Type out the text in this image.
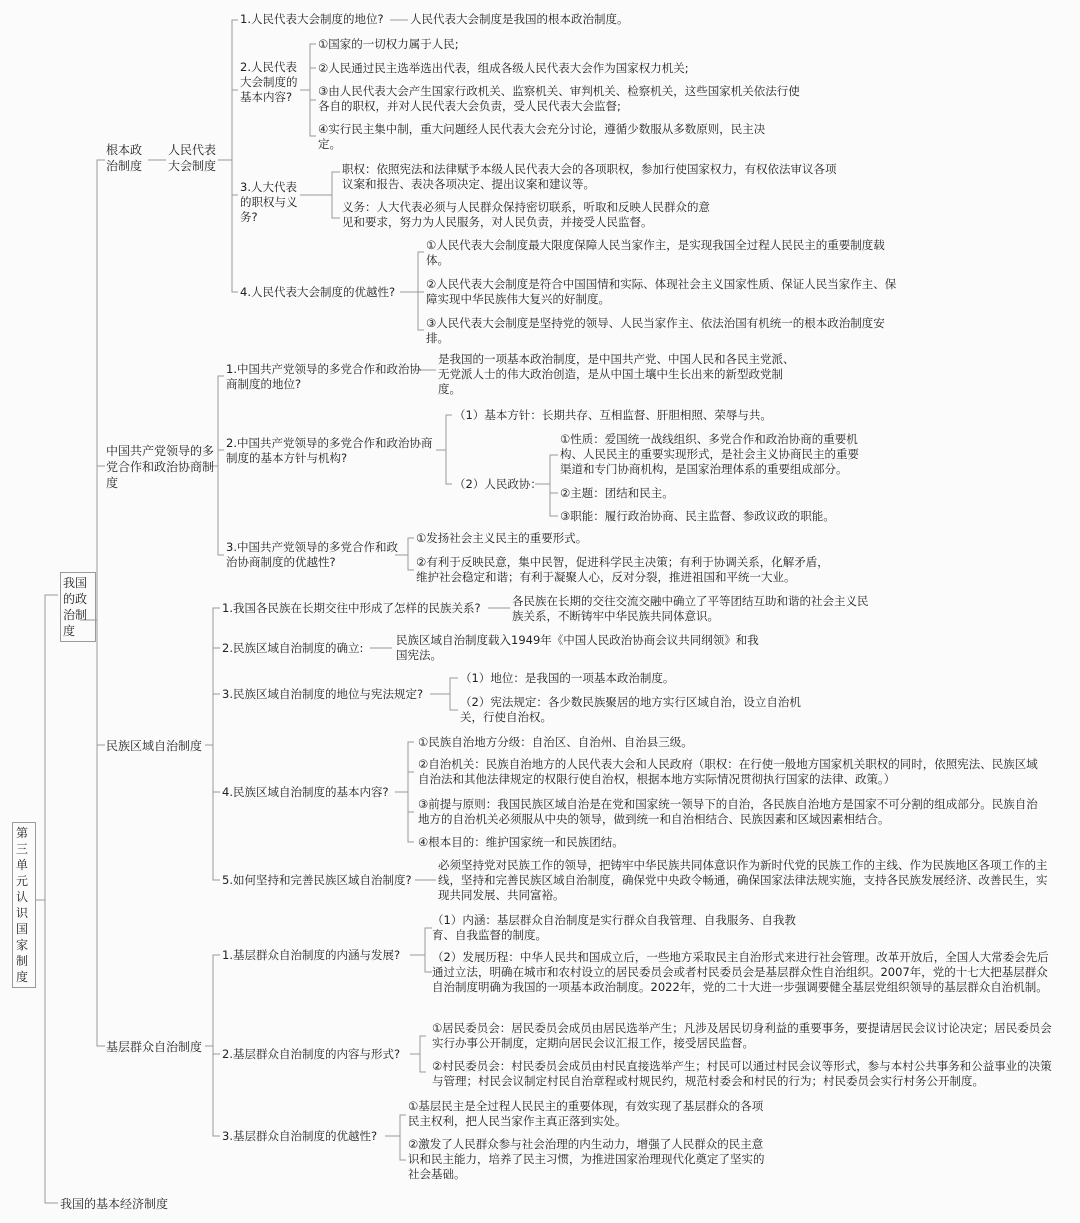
第三单元认识国家制度
我国的政治制度
我国的基本经济制度
根本政治制度
人民代表大会制度
1.人民代表大会制度的地位?	人民代表大会制度是我国的根本政治制度。
2.人民代表大会制度的基本内容?
①国家的一切权力属于人民;
②人民通过民主选举选出代表，组成各级人民代表大会作为国家权力机关;
③由人民代表大会产生国家行政机关、监察机关、审判机关、检察机关，这些国家机关依法行使各自的职权，并对人民代表大会负责，受人民代表大会监督;
④实行民主集中制，重大问题经人民代表大会充分讨论，遵循少数服从多数原则，民主决定。
3.人大代表的职权与义务?
职权：依照宪法和法律赋予本级人民代表大会的各项职权，参加行使国家权力，有权依法审议各项议案和报告、表决各项决定、提出议案和建议等。
义务：人大代表必须与人民群众保持密切联系，听取和反映人民群众的意见和要求，努力为人民服务，对人民负责，并接受人民监督。
4.人民代表大会制度的优越性?
①人民代表大会制度最大限度保障人民当家作主，是实现我国全过程人民民主的重要制度载体。
②人民代表大会制度是符合中国国情和实际、体现社会主义国家性质、保证人民当家作主、保障实现中华民族伟大复兴的好制度。
③人民代表大会制度是坚持党的领导、人民当家作主、依法治国有机统一的根本政治制度安排。
中国共产党领导的多党合作和政治协商制度
1.中国共产党领导的多党合作和政治协商制度的地位?
是我国的一项基本政治制度，是中国共产党、中国人民和各民主党派、无党派人士的伟大政治创造，是从中国土壤中生长出来的新型政党制度。
2.中国共产党领导的多党合作和政治协商制度的基本方针与机构?
（1）基本方针：长期共存、互相监督、肝胆相照、荣辱与共。
（2）人民政协：
①性质：爱国统一战线组织、多党合作和政治协商的重要机构、人民民主的重要实现形式，是社会主义协商民主的重要渠道和专门协商机构，是国家治理体系的重要组成部分。
②主题：团结和民主。
③职能：履行政治协商、民主监督、参政议政的职能。
3.中国共产党领导的多党合作和政治协商制度的优越性?
①发扬社会主义民主的重要形式。
②有利于反映民意，集中民智，促进科学民主决策；有利于协调关系，化解矛盾，维护社会稳定和谐；有利于凝聚人心，反对分裂，推进祖国和平统一大业。
民族区域自治制度
1.我国各民族在长期交往中形成了怎样的民族关系?	各民族在长期的交往交流交融中确立了平等团结互助和谐的社会主义民族关系，不断铸牢中华民族共同体意识。
2.民族区域自治制度的确立:
民族区域自治制度载入1949年《中国人民政治协商会议共同纲领》和我国宪法。
3.民族区域自治制度的地位与宪法规定?
（1）地位：是我国的一项基本政治制度。
（2）宪法规定：各少数民族聚居的地方实行区域自治，设立自治机关，行使自治权。
4.民族区域自治制度的基本内容?
①民族自治地方分级：自治区、自治州、自治县三级。
②自治机关：民族自治地方的人民代表大会和人民政府（职权：在行使一般地方国家机关职权的同时，依照宪法、民族区域自治法和其他法律规定的权限行使自治权，根据本地方实际情况贯彻执行国家的法律、政策。）
③前提与原则：我国民族区域自治是在党和国家统一领导下的自治，各民族自治地方是国家不可分割的组成部分。民族自治地方的自治机关必须服从中央的领导，做到统一和自治相结合、民族因素和区域因素相结合。
④根本目的：维护国家统一和民族团结。
5.如何坚持和完善民族区域自治制度?
必须坚持党对民族工作的领导，把铸牢中华民族共同体意识作为新时代党的民族工作的主线、作为民族地区各项工作的主线，坚持和完善民族区域自治制度，确保党中央政令畅通，确保国家法律法规实施，支持各民族发展经济、改善民生，实现共同发展、共同富裕。
基层群众自治制度
1.基层群众自治制度的内涵与发展?
（1）内涵：基层群众自治制度是实行群众自我管理、自我服务、自我教育、自我监督的制度。
（2）发展历程：中华人民共和国成立后，一些地方采取民主自治形式来进行社会管理。改革开放后，全国人大常委会先后通过立法，明确在城市和农村设立的居民委员会或者村民委员会是基层群众性自治组织。2007年，党的十七大把基层群众自治制度明确为我国的一项基本政治制度。2022年，党的二十大进一步强调要健全基层党组织领导的基层群众自治机制。
2.基层群众自治制度的内容与形式?
①居民委员会：居民委员会成员由居民选举产生；凡涉及居民切身利益的重要事务，要提请居民会议讨论决定；居民委员会实行办事公开制度，定期向居民会议汇报工作，接受居民监督。
②村民委员会：村民委员会成员由村民直接选举产生；村民可以通过村民会议等形式，参与本村公共事务和公益事业的决策与管理；村民会议制定村民自治章程或村规民约，规范村委会和村民的行为；村民委员会实行村务公开制度。
3.基层群众自治制度的优越性?
①基层民主是全过程人民民主的重要体现，有效实现了基层群众的各项民主权利，把人民当家作主真正落到实处。
②激发了人民群众参与社会治理的内生动力，增强了人民群众的民主意识和民主能力，培养了民主习惯，为推进国家治理现代化奠定了坚实的社会基础。
